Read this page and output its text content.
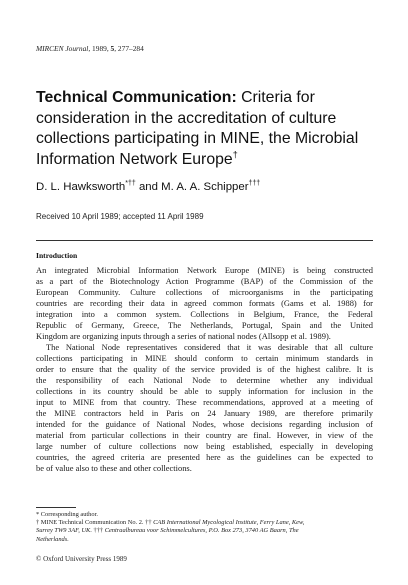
MIRCEN Journal, 1989, 5, 277–284
Technical Communication: Criteria for consideration in the accreditation of culture collections participating in MINE, the Microbial Information Network Europe†
D. L. Hawksworth*†† and M. A. A. Schipper†††
Received 10 April 1989; accepted 11 April 1989
Introduction
An integrated Microbial Information Network Europe (MINE) is being constructed
as a part of the Biotechnology Action Programme (BAP) of the Commission of the
European Community. Culture collections of microorganisms in the participating
countries are recording their data in agreed common formats (Gams et al. 1988) for
integration into a common system. Collections in Belgium, France, the Federal
Republic of Germany, Greece, The Netherlands, Portugal, Spain and the United
Kingdom are organizing inputs through a series of national nodes (Allsopp et al. 1989).
The National Node representatives considered that it was desirable that all culture
collections participating in MINE should conform to certain minimum standards in
order to ensure that the quality of the service provided is of the highest calibre. It is
the responsibility of each National Node to determine whether any individual
collections in its country should be able to supply information for inclusion in the
input to MINE from that country. These recommendations, approved at a meeting of
the MINE contractors held in Paris on 24 January 1989, are therefore primarily
intended for the guidance of National Nodes, whose decisions regarding inclusion of
material from particular collections in their country are final. However, in view of the
large number of culture collections now being established, especially in developing
countries, the agreed criteria are presented here as the guidelines can be expected to
be of value also to these and other collections.
* Corresponding author.
† MINE Technical Communication No. 2. †† CAB International Mycological Institute, Ferry Lane, Kew,
Surrey TW9 3AF, UK. ††† Centraalbureau voor Schimmelcultures, P.O. Box 273, 3740 AG Baarn, The
Netherlands.
© Oxford University Press 1989
